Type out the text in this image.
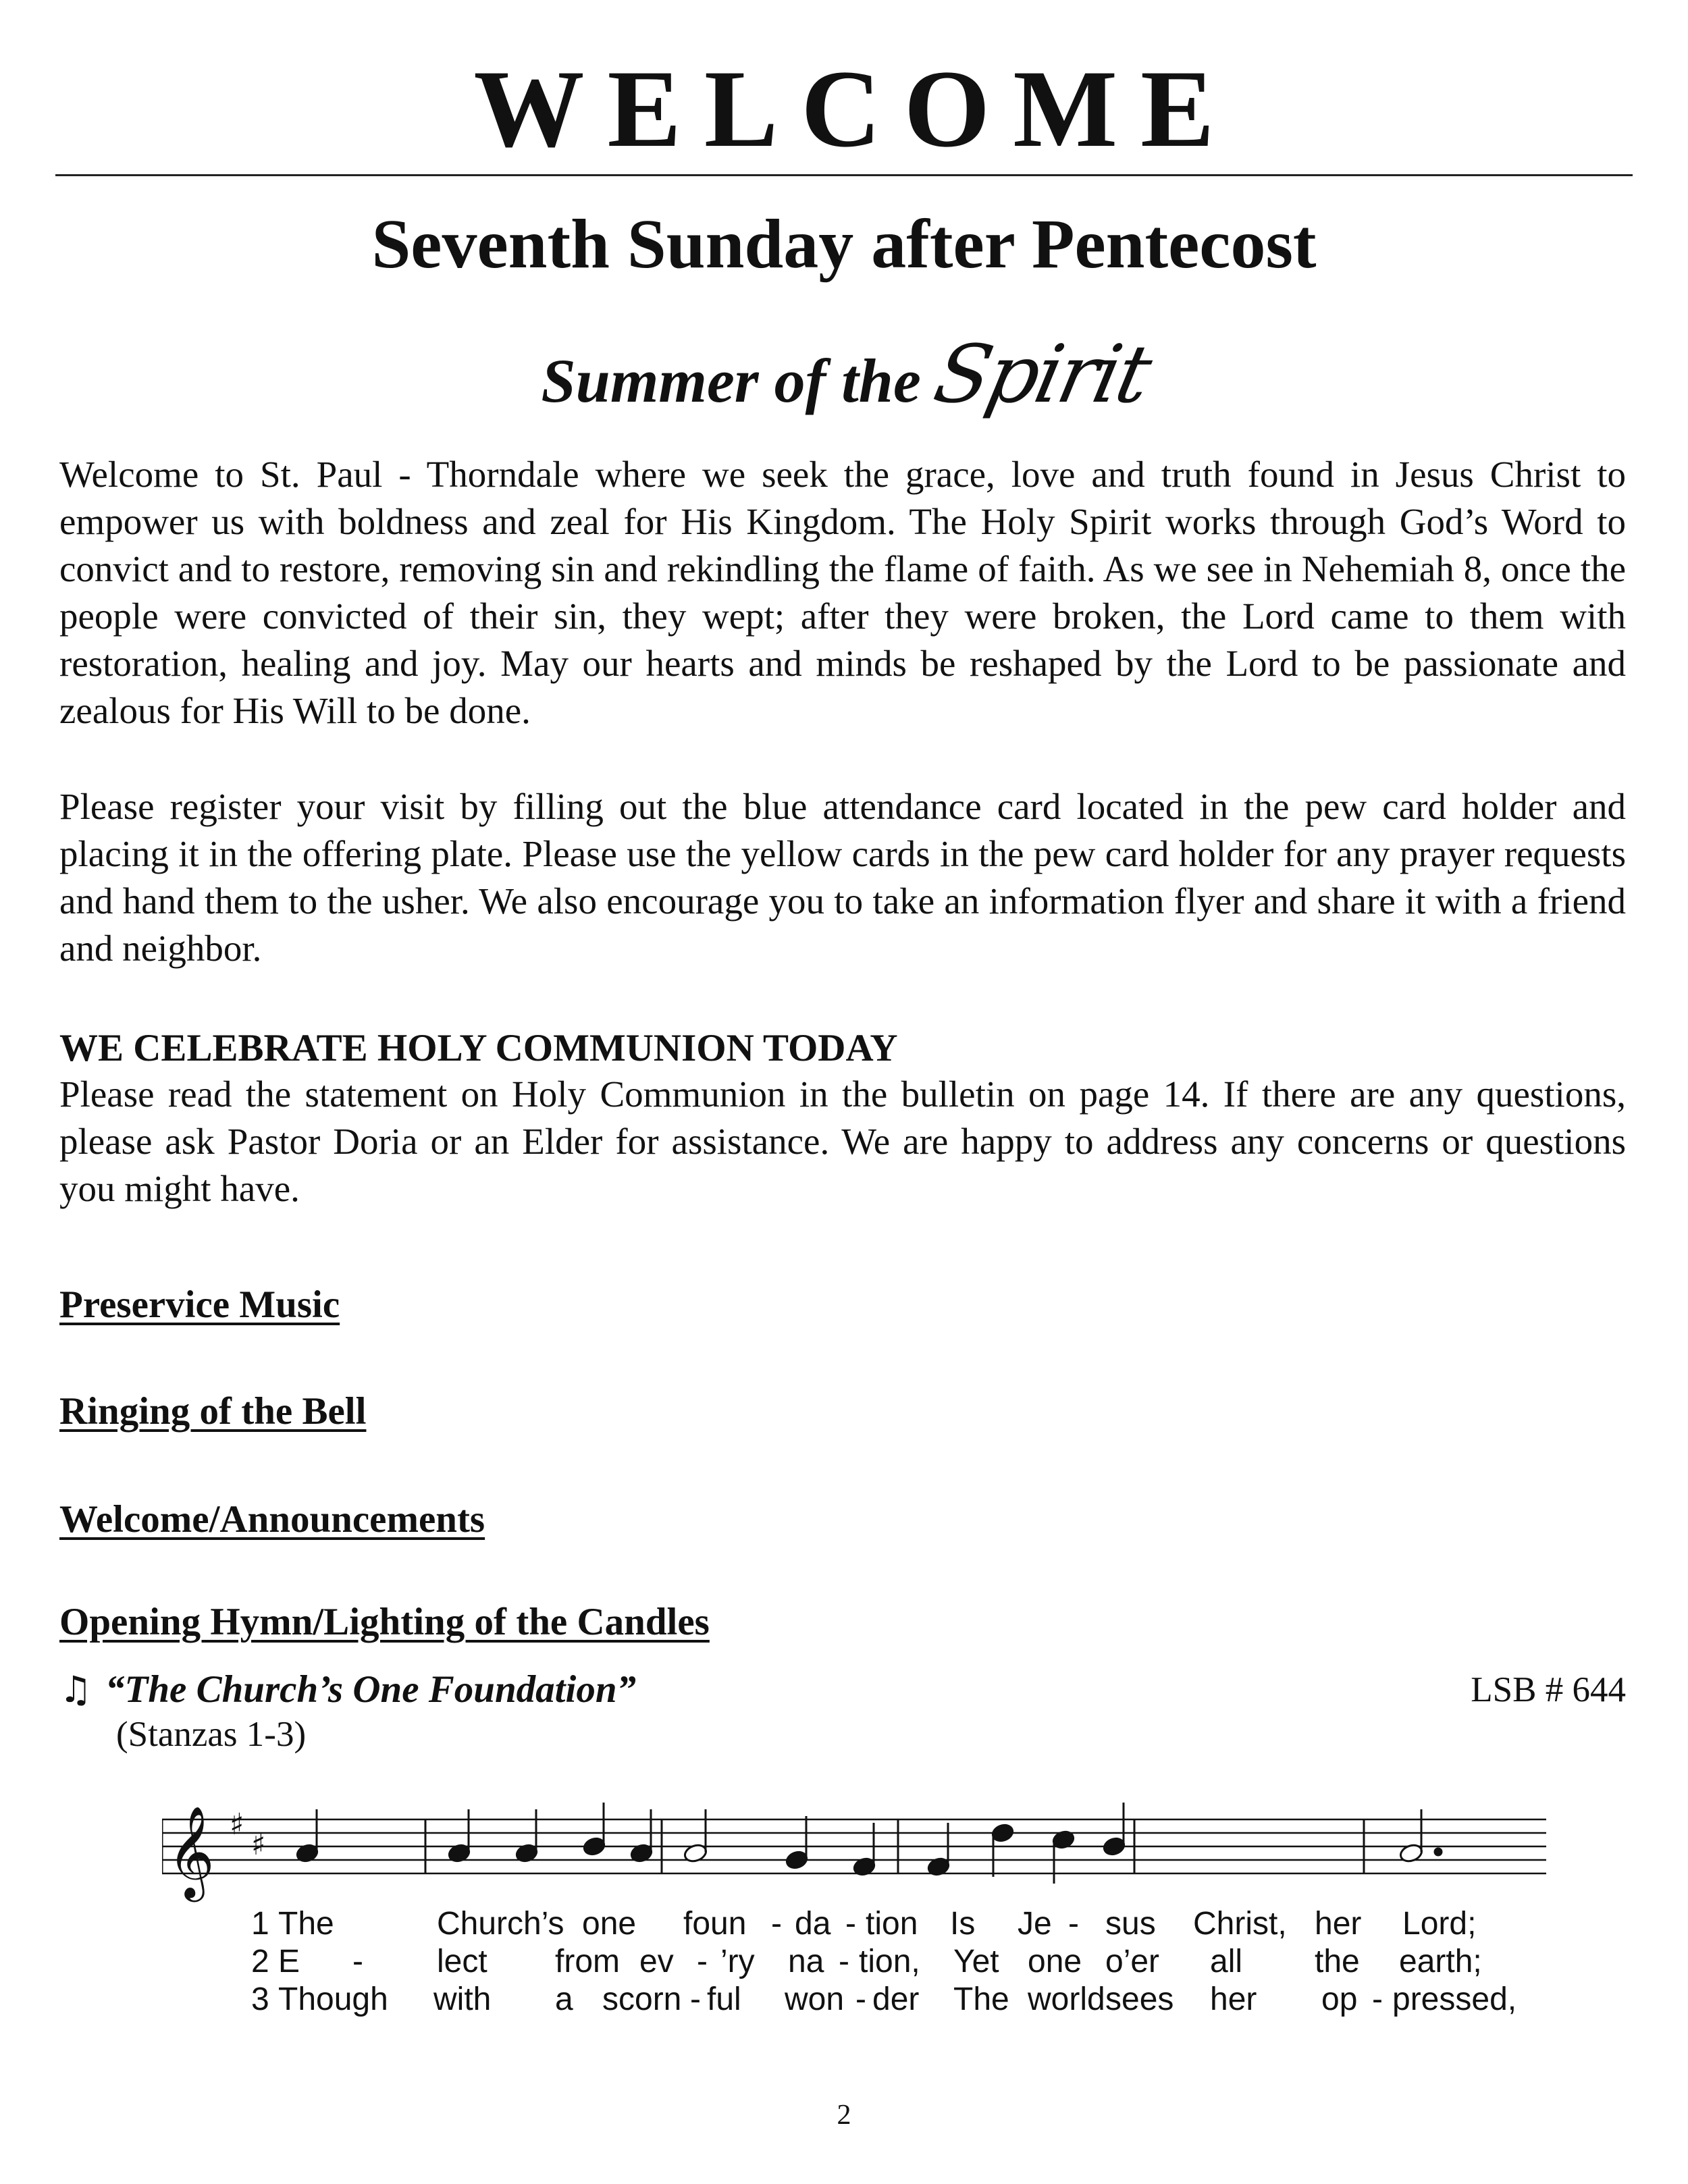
WELCOME
Seventh Sunday after Pentecost
Summer of the Spirit
Welcome to St. Paul - Thorndale where we seek the grace, love and truth found in Jesus Christ to empower us with boldness and zeal for His Kingdom. The Holy Spirit works through God’s Word to convict and to restore, removing sin and rekindling the flame of faith. As we see in Nehemiah 8, once the people were convicted of their sin, they wept; after they were broken, the Lord came to them with restoration, healing and joy. May our hearts and minds be reshaped by the Lord to be passionate and zealous for His Will to be done.
Please register your visit by filling out the blue attendance card located in the pew card holder and placing it in the offering plate. Please use the yellow cards in the pew card holder for any prayer requests and hand them to the usher. We also encourage you to take an information flyer and share it with a friend and neighbor.
WE CELEBRATE HOLY COMMUNION TODAY
Please read the statement on Holy Communion in the bulletin on page 14. If there are any questions, please ask Pastor Doria or an Elder for assistance. We are happy to address any concerns or questions you might have.
Preservice Music
Ringing of the Bell
Welcome/Announcements
Opening Hymn/Lighting of the Candles
♫ “The Church’s One Foundation”	LSB # 644
(Stanzas 1-3)
𝄞 ♯
♯
1 The	Church’s one foun - da - tion Is Je - sus Christ, her Lord;
2 E - lect from ev - ’ry na - tion, Yet one o’er all the earth;
3 Though with a scorn - ful won - der The world sees her op - pressed,
2
